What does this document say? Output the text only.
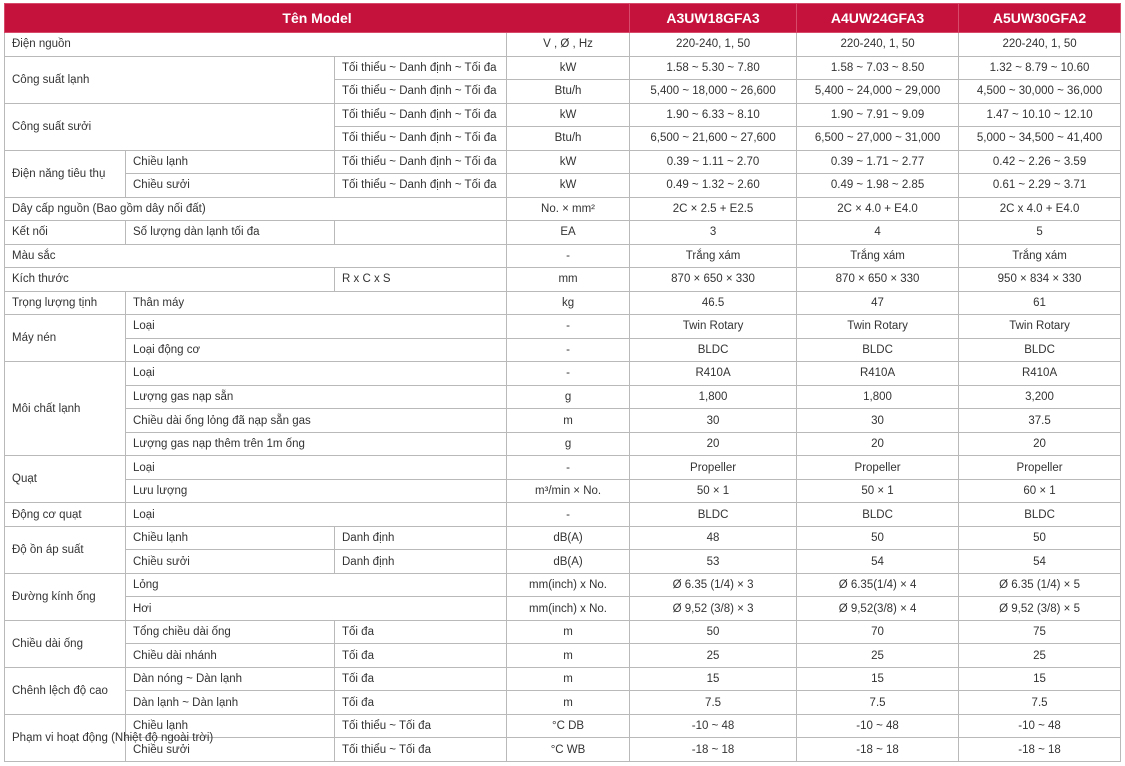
Tên Model				A3UW18GFA3	A4UW24GFA3	A5UW30GFA2
Điện nguồn			V , Ø , Hz	220-240, 1, 50	220-240, 1, 50	220-240, 1, 50
Công suất lạnh		Tối thiểu ~ Danh định ~ Tối đa	kW	1.58 ~ 5.30 ~ 7.80	1.58 ~ 7.03 ~ 8.50	1.32 ~ 8.79 ~ 10.60
		Tối thiểu ~ Danh định ~ Tối đa	Btu/h	5,400 ~ 18,000 ~ 26,600	5,400 ~ 24,000 ~ 29,000	4,500 ~ 30,000 ~ 36,000
Công suất sưởi		Tối thiểu ~ Danh định ~ Tối đa	kW	1.90 ~ 6.33 ~ 8.10	1.90 ~ 7.91 ~ 9.09	1.47 ~ 10.10 ~ 12.10
		Tối thiểu ~ Danh định ~ Tối đa	Btu/h	6,500 ~ 21,600 ~ 27,600	6,500 ~ 27,000 ~ 31,000	5,000 ~ 34,500 ~ 41,400
Điện năng tiêu thụ	Chiều lạnh	Tối thiểu ~ Danh định ~ Tối đa	kW	0.39 ~ 1.11 ~ 2.70	0.39 ~ 1.71 ~ 2.77	0.42 ~ 2.26 ~ 3.59
	Chiều sưởi	Tối thiểu ~ Danh định ~ Tối đa	kW	0.49 ~ 1.32 ~ 2.60	0.49 ~ 1.98 ~ 2.85	0.61 ~ 2.29 ~ 3.71
Dây cấp nguồn (Bao gồm dây nối đất)			No. × mm²	2C × 2.5 + E2.5	2C × 4.0 + E4.0	2C x 4.0 + E4.0
Kết nối	Số lượng dàn lạnh tối đa		EA	3	4	5
Màu sắc			-	Trắng xám	Trắng xám	Trắng xám
Kích thước		R x C x S	mm	870 × 650 × 330	870 × 650 × 330	950 × 834 × 330
Trọng lượng tịnh	Thân máy		kg	46.5	47	61
Máy nén	Loại		-	Twin Rotary	Twin Rotary	Twin Rotary
	Loại động cơ		-	BLDC	BLDC	BLDC
Môi chất lạnh	Loại		-	R410A	R410A	R410A
	Lượng gas nạp sẵn		g	1,800	1,800	3,200
	Chiều dài ống lỏng đã nạp sẵn gas		m	30	30	37.5
	Lượng gas nạp thêm trên 1m ống		g	20	20	20
Quạt	Loại		-	Propeller	Propeller	Propeller
	Lưu lượng		m³/min × No.	50 × 1	50 × 1	60 × 1
Động cơ quạt	Loại		-	BLDC	BLDC	BLDC
Độ ồn áp suất	Chiều lạnh	Danh định	dB(A)	48	50	50
	Chiều sưởi	Danh định	dB(A)	53	54	54
Đường kính ống	Lỏng		mm(inch) x No.	Ø 6.35 (1/4) × 3	Ø 6.35(1/4) × 4	Ø 6.35 (1/4) × 5
	Hơi		mm(inch) x No.	Ø 9,52 (3/8) × 3	Ø 9,52(3/8) × 4	Ø 9,52 (3/8) × 5
Chiều dài ống	Tổng chiều dài ống	Tối đa	m	50	70	75
	Chiều dài nhánh	Tối đa	m	25	25	25
Chênh lệch độ cao	Dàn nóng ~ Dàn lạnh	Tối đa	m	15	15	15
	Dàn lạnh ~ Dàn lạnh	Tối đa	m	7.5	7.5	7.5
Phạm vi hoạt động (Nhiệt độ ngoài trời)	Chiều lạnh	Tối thiểu ~ Tối đa	°C DB	-10 ~ 48	-10 ~ 48	-10 ~ 48
	Chiều sưởi	Tối thiểu ~ Tối đa	°C WB	-18 ~ 18	-18 ~ 18	-18 ~ 18
